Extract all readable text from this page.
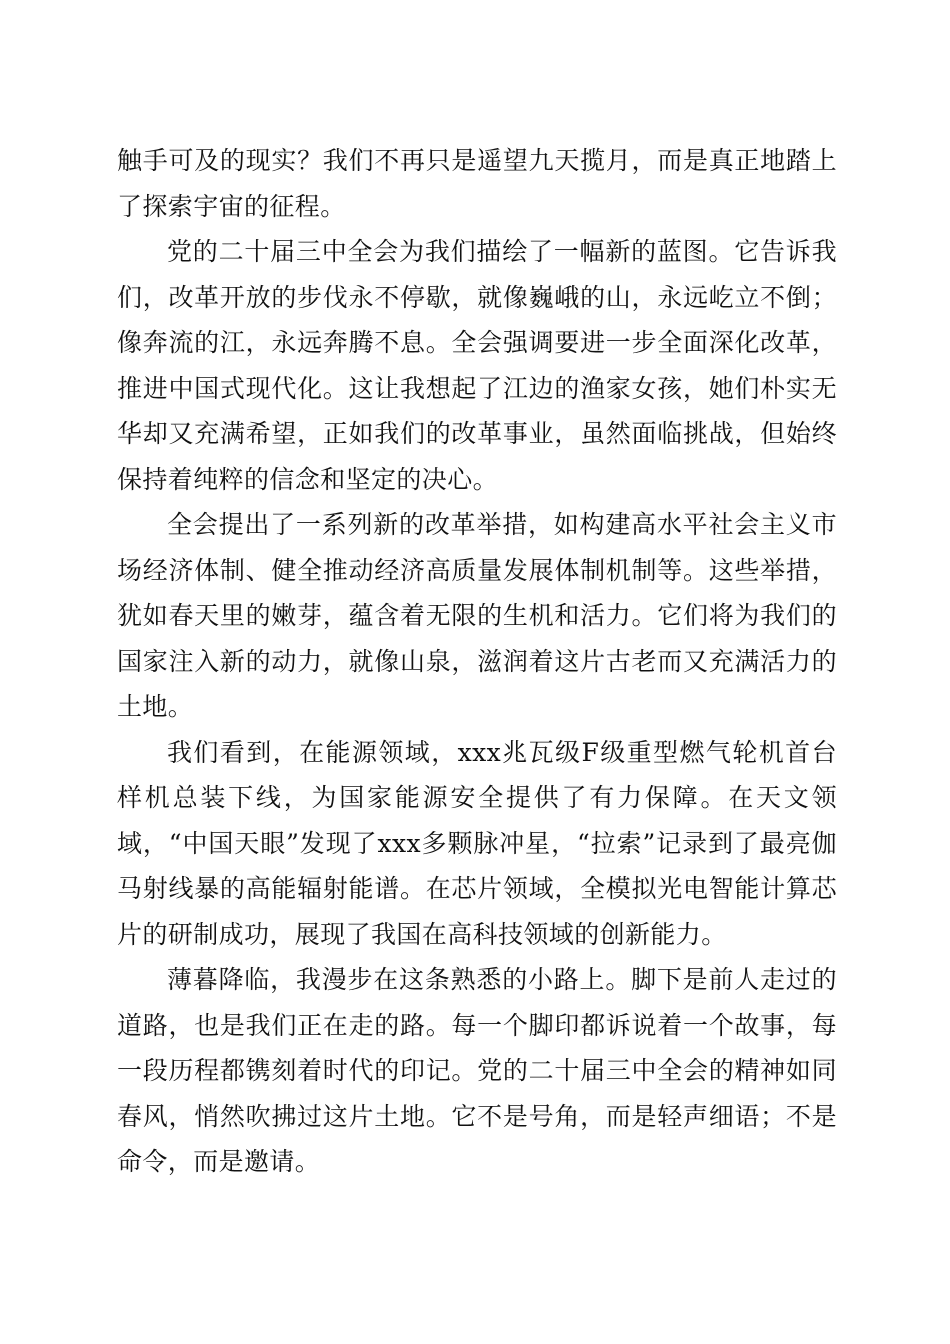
触手可及的现实？我们不再只是遥望九天揽月，而是真正地踏上了探索宇宙的征程。

党的二十届三中全会为我们描绘了一幅新的蓝图。它告诉我们，改革开放的步伐永不停歇，就像巍峨的山，永远屹立不倒；像奔流的江，永远奔腾不息。全会强调要进一步全面深化改革，推进中国式现代化。这让我想起了江边的渔家女孩，她们朴实无华却又充满希望，正如我们的改革事业，虽然面临挑战，但始终保持着纯粹的信念和坚定的决心。

全会提出了一系列新的改革举措，如构建高水平社会主义市场经济体制、健全推动经济高质量发展体制机制等。这些举措，犹如春天里的嫩芽，蕴含着无限的生机和活力。它们将为我们的国家注入新的动力，就像山泉，滋润着这片古老而又充满活力的土地。

我们看到，在能源领域，xxx兆瓦级F级重型燃气轮机首台样机总装下线，为国家能源安全提供了有力保障。在天文领域，“中国天眼”发现了xxx多颗脉冲星，“拉索”记录到了最亮伽马射线暴的高能辐射能谱。在芯片领域，全模拟光电智能计算芯片的研制成功，展现了我国在高科技领域的创新能力。

薄暮降临，我漫步在这条熟悉的小路上。脚下是前人走过的道路，也是我们正在走的路。每一个脚印都诉说着一个故事，每一段历程都镌刻着时代的印记。党的二十届三中全会的精神如同春风，悄然吹拂过这片土地。它不是号角，而是轻声细语；不是命令，而是邀请。
